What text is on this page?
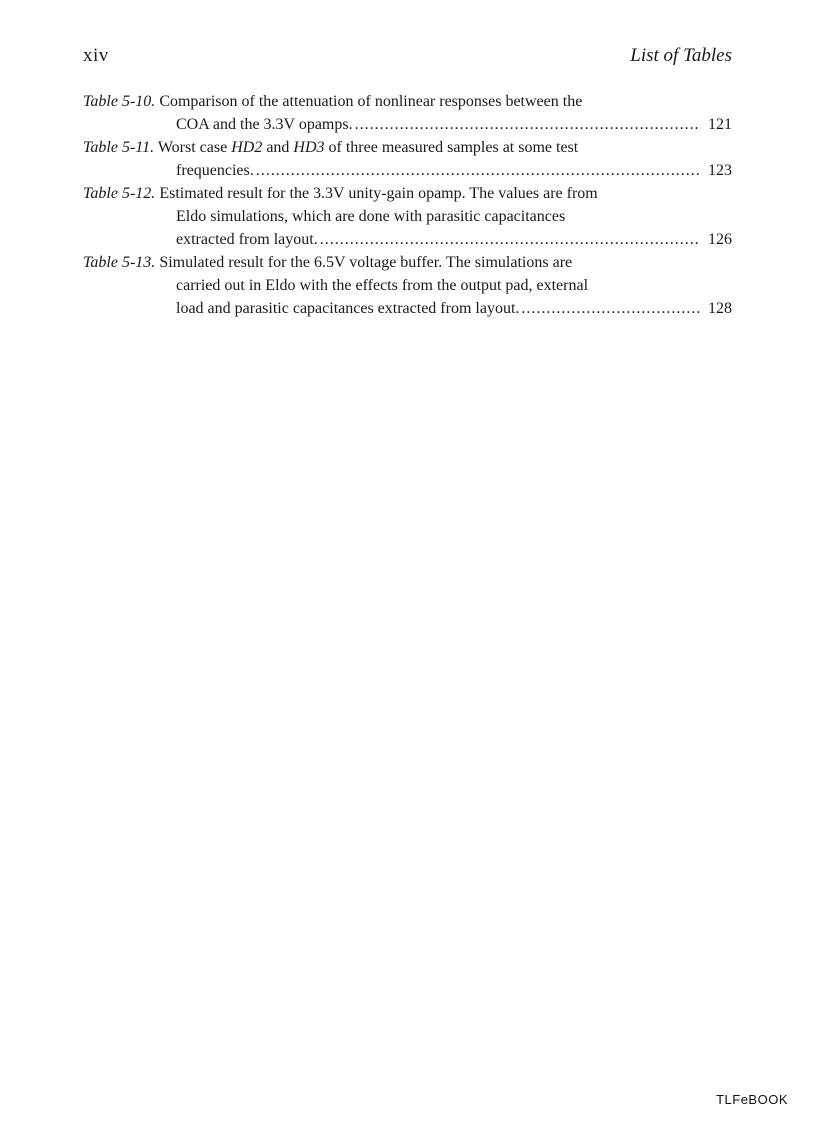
xiv	List of Tables
Table 5-10. Comparison of the attenuation of nonlinear responses between the
COA and the 3.3V opamps. .....	121
Table 5-11. Worst case HD2 and HD3 of three measured samples at some test
frequencies. .....	123
Table 5-12. Estimated result for the 3.3V unity-gain opamp. The values are from
Eldo simulations, which are done with parasitic capacitances
extracted from layout. .....	126
Table 5-13. Simulated result for the 6.5V voltage buffer. The simulations are
carried out in Eldo with the effects from the output pad, external
load and parasitic capacitances extracted from layout. .....	128
TLFeBOOK
